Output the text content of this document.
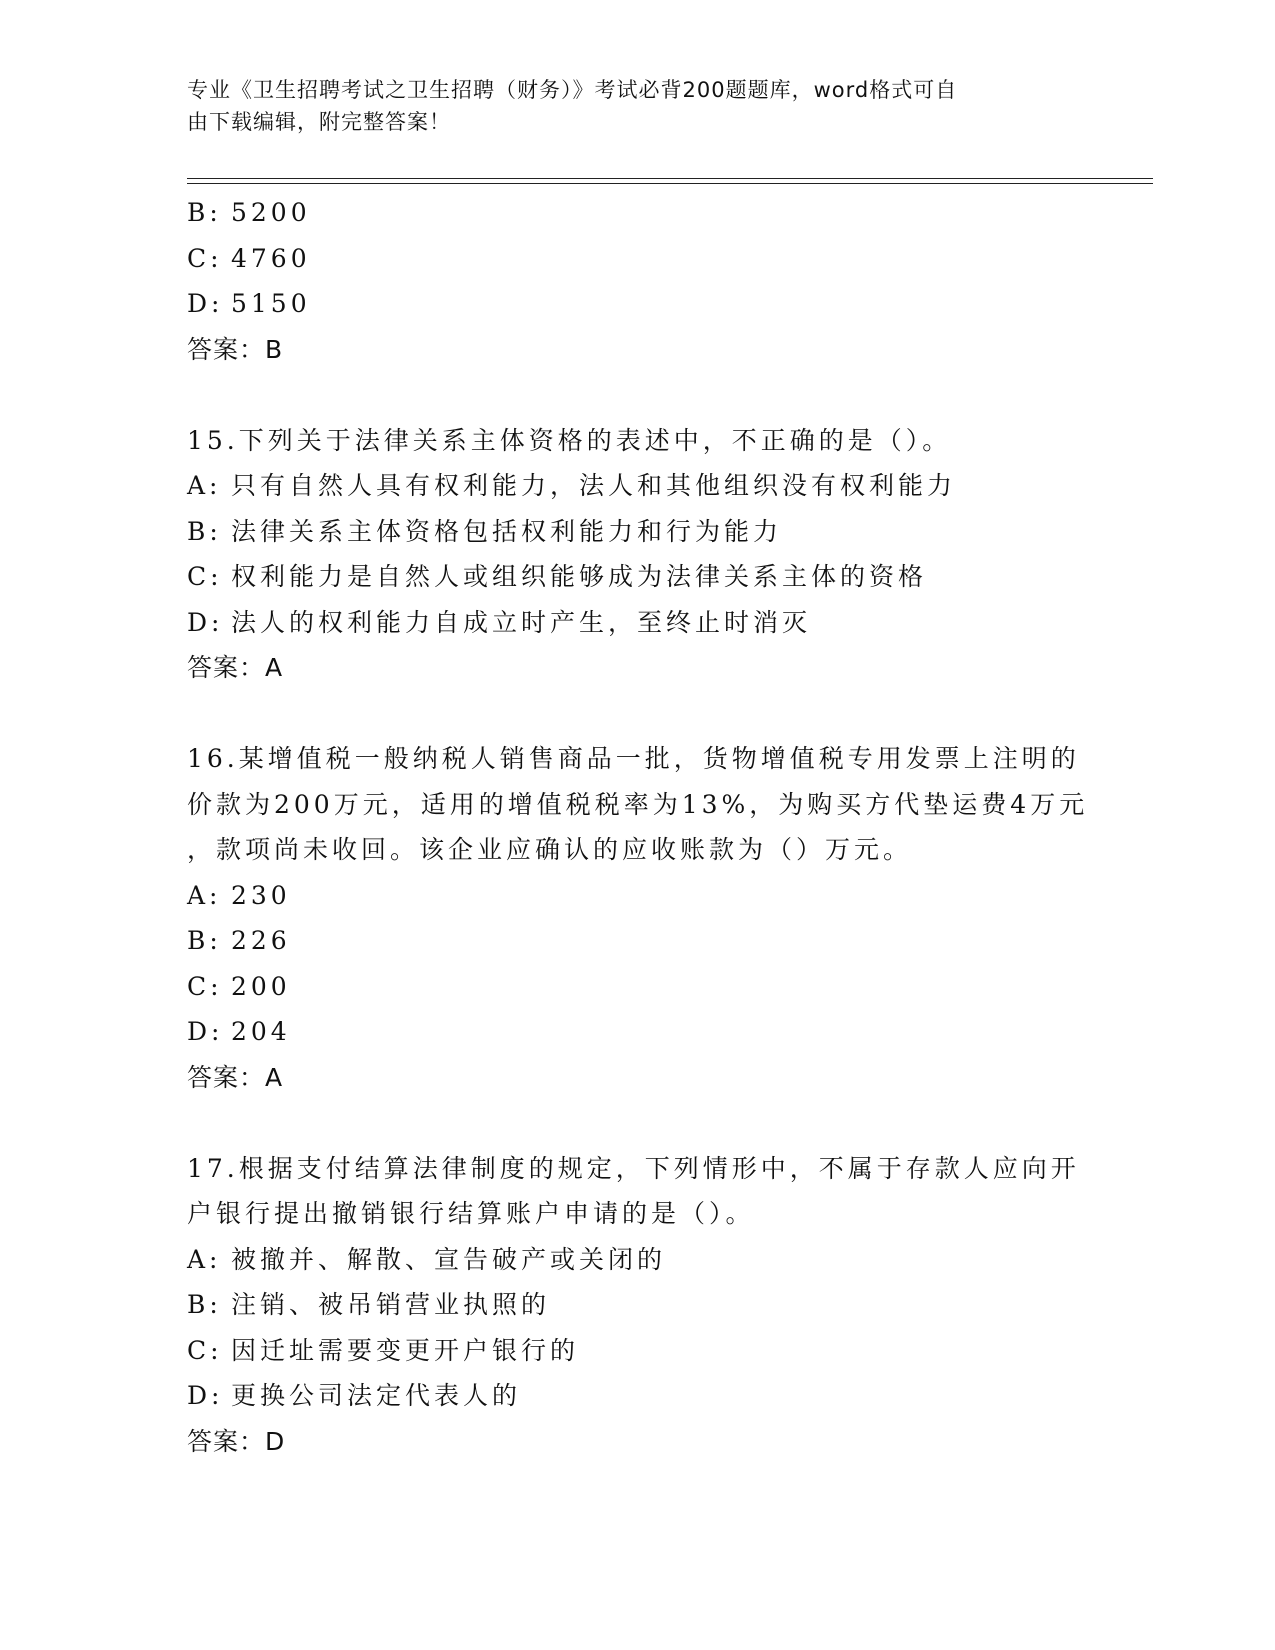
专业《卫生招聘考试之卫生招聘（财务）》考试必背200题题库，word格式可自
由下载编辑，附完整答案！
B: 5200
C: 4760
D: 5150
答案：B
15.下列关于法律关系主体资格的表述中，不正确的是（）。
A: 只有自然人具有权利能力，法人和其他组织没有权利能力
B: 法律关系主体资格包括权利能力和行为能力
C: 权利能力是自然人或组织能够成为法律关系主体的资格
D: 法人的权利能力自成立时产生，至终止时消灭
答案：A
16.某增值税一般纳税人销售商品一批，货物增值税专用发票上注明的
价款为200万元，适用的增值税税率为13%，为购买方代垫运费4万元
，款项尚未收回。该企业应确认的应收账款为（）万元。
A: 230
B: 226
C: 200
D: 204
答案：A
17.根据支付结算法律制度的规定，下列情形中，不属于存款人应向开
户银行提出撤销银行结算账户申请的是（）。
A: 被撤并、解散、宣告破产或关闭的
B: 注销、被吊销营业执照的
C: 因迁址需要变更开户银行的
D: 更换公司法定代表人的
答案：D
